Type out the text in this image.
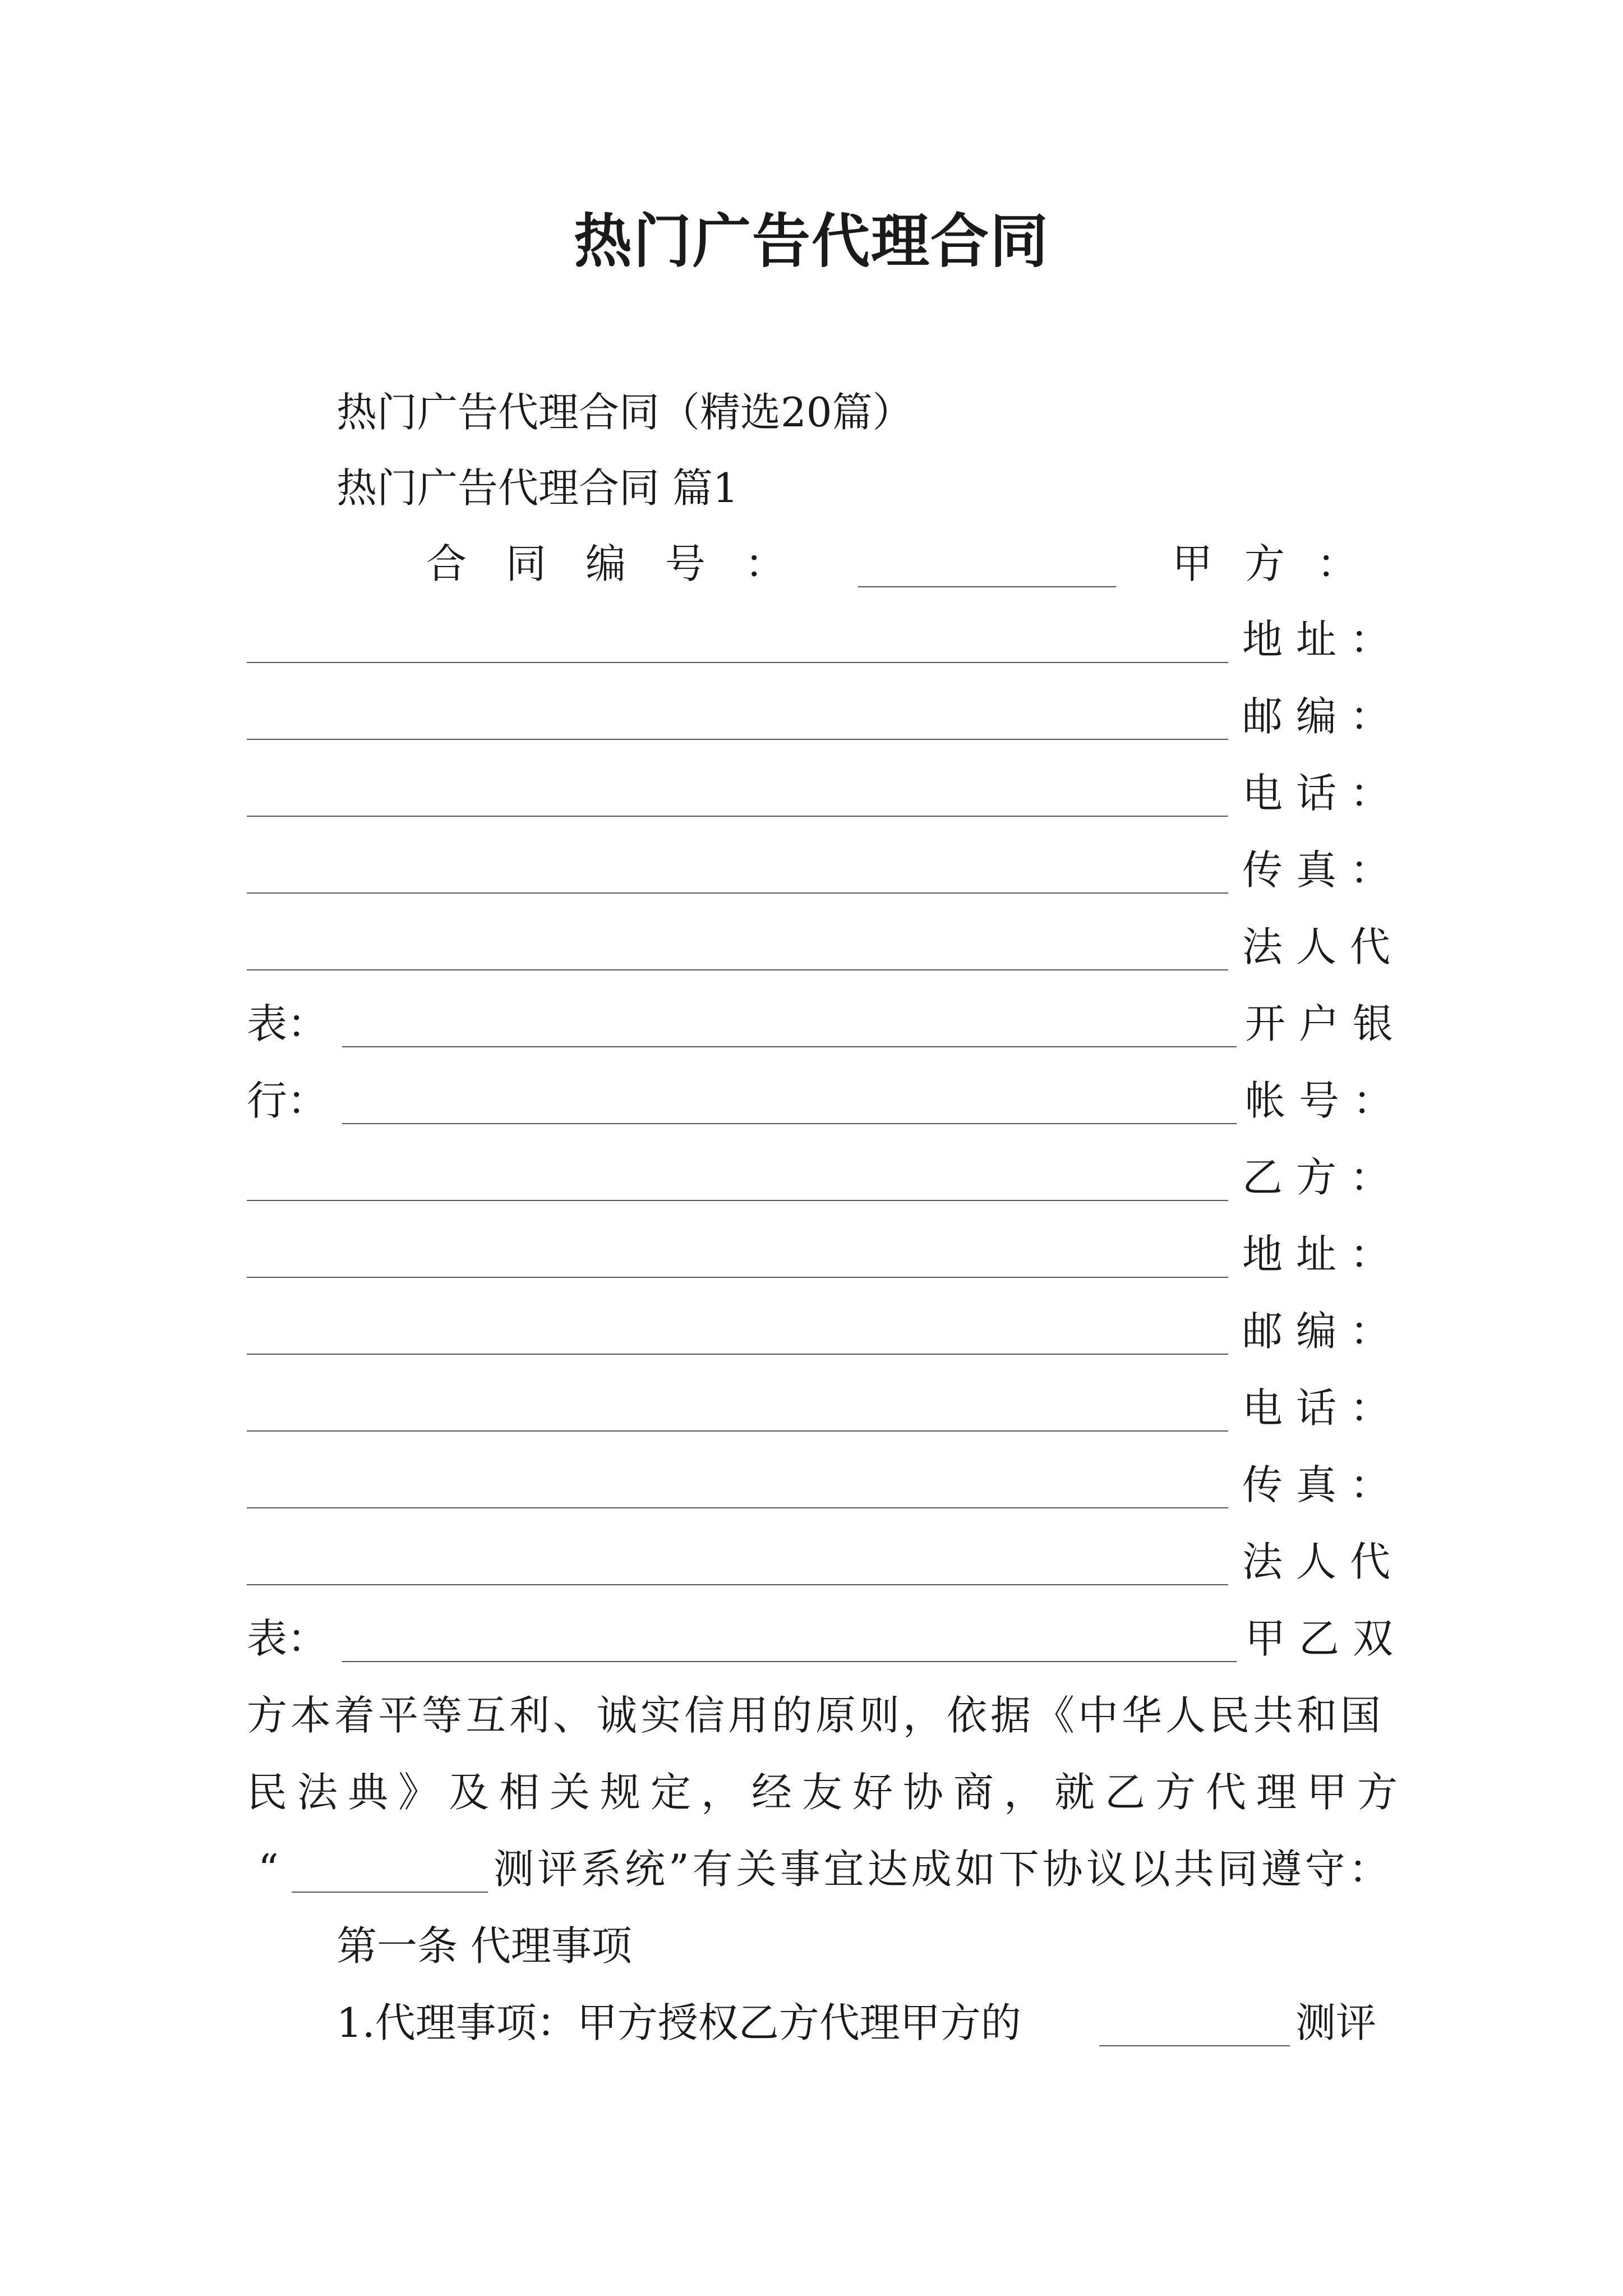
热门广告代理合同
热门广告代理合同（精选20篇）
热门广告代理合同 篇1
合 同 编 号 ：	甲 方 ：
地址：
邮编：
电话：
传真：
法人代
表：	开户银
行：	帐号：
乙方：
地址：
邮编：
电话：
传真：
法人代
表：	甲乙双
方本着平等互利、诚实信用的原则，依据《中华人民共和国
民法典》及相关规定，经友好协商，就乙方代理甲方
“	测评系统”有关事宜达成如下协议以共同遵守：
第一条 代理事项
1.代理事项：甲方授权乙方代理甲方的	测评
